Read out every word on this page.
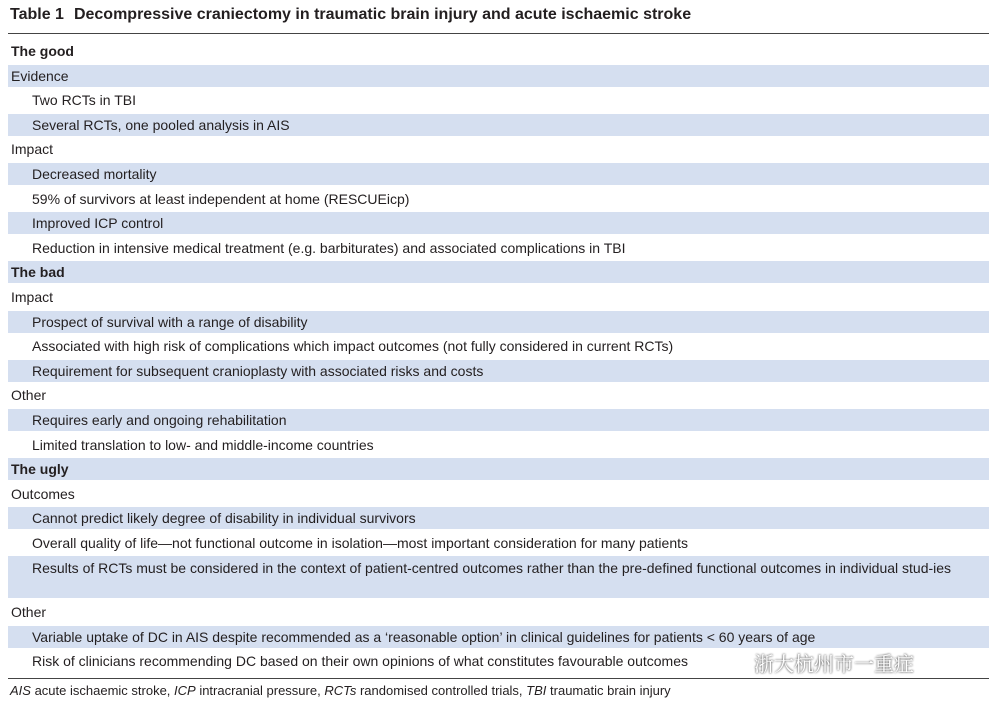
Table 1 Decompressive craniectomy in traumatic brain injury and acute ischaemic stroke
The good
Evidence
Two RCTs in TBI
Several RCTs, one pooled analysis in AIS
Impact
Decreased mortality
59% of survivors at least independent at home (RESCUEicp)
Improved ICP control
Reduction in intensive medical treatment (e.g. barbiturates) and associated complications in TBI
The bad
Impact
Prospect of survival with a range of disability
Associated with high risk of complications which impact outcomes (not fully considered in current RCTs)
Requirement for subsequent cranioplasty with associated risks and costs
Other
Requires early and ongoing rehabilitation
Limited translation to low- and middle-income countries
The ugly
Outcomes
Cannot predict likely degree of disability in individual survivors
Overall quality of life—not functional outcome in isolation—most important consideration for many patients
Results of RCTs must be considered in the context of patient-centred outcomes rather than the pre-defined functional outcomes in individual stud-ies
Other
Variable uptake of DC in AIS despite recommended as a ‘reasonable option’ in clinical guidelines for patients < 60 years of age
Risk of clinicians recommending DC based on their own opinions of what constitutes favourable outcomes
AIS acute ischaemic stroke, ICP intracranial pressure, RCTs randomised controlled trials, TBI traumatic brain injury
浙大杭州市一重症
